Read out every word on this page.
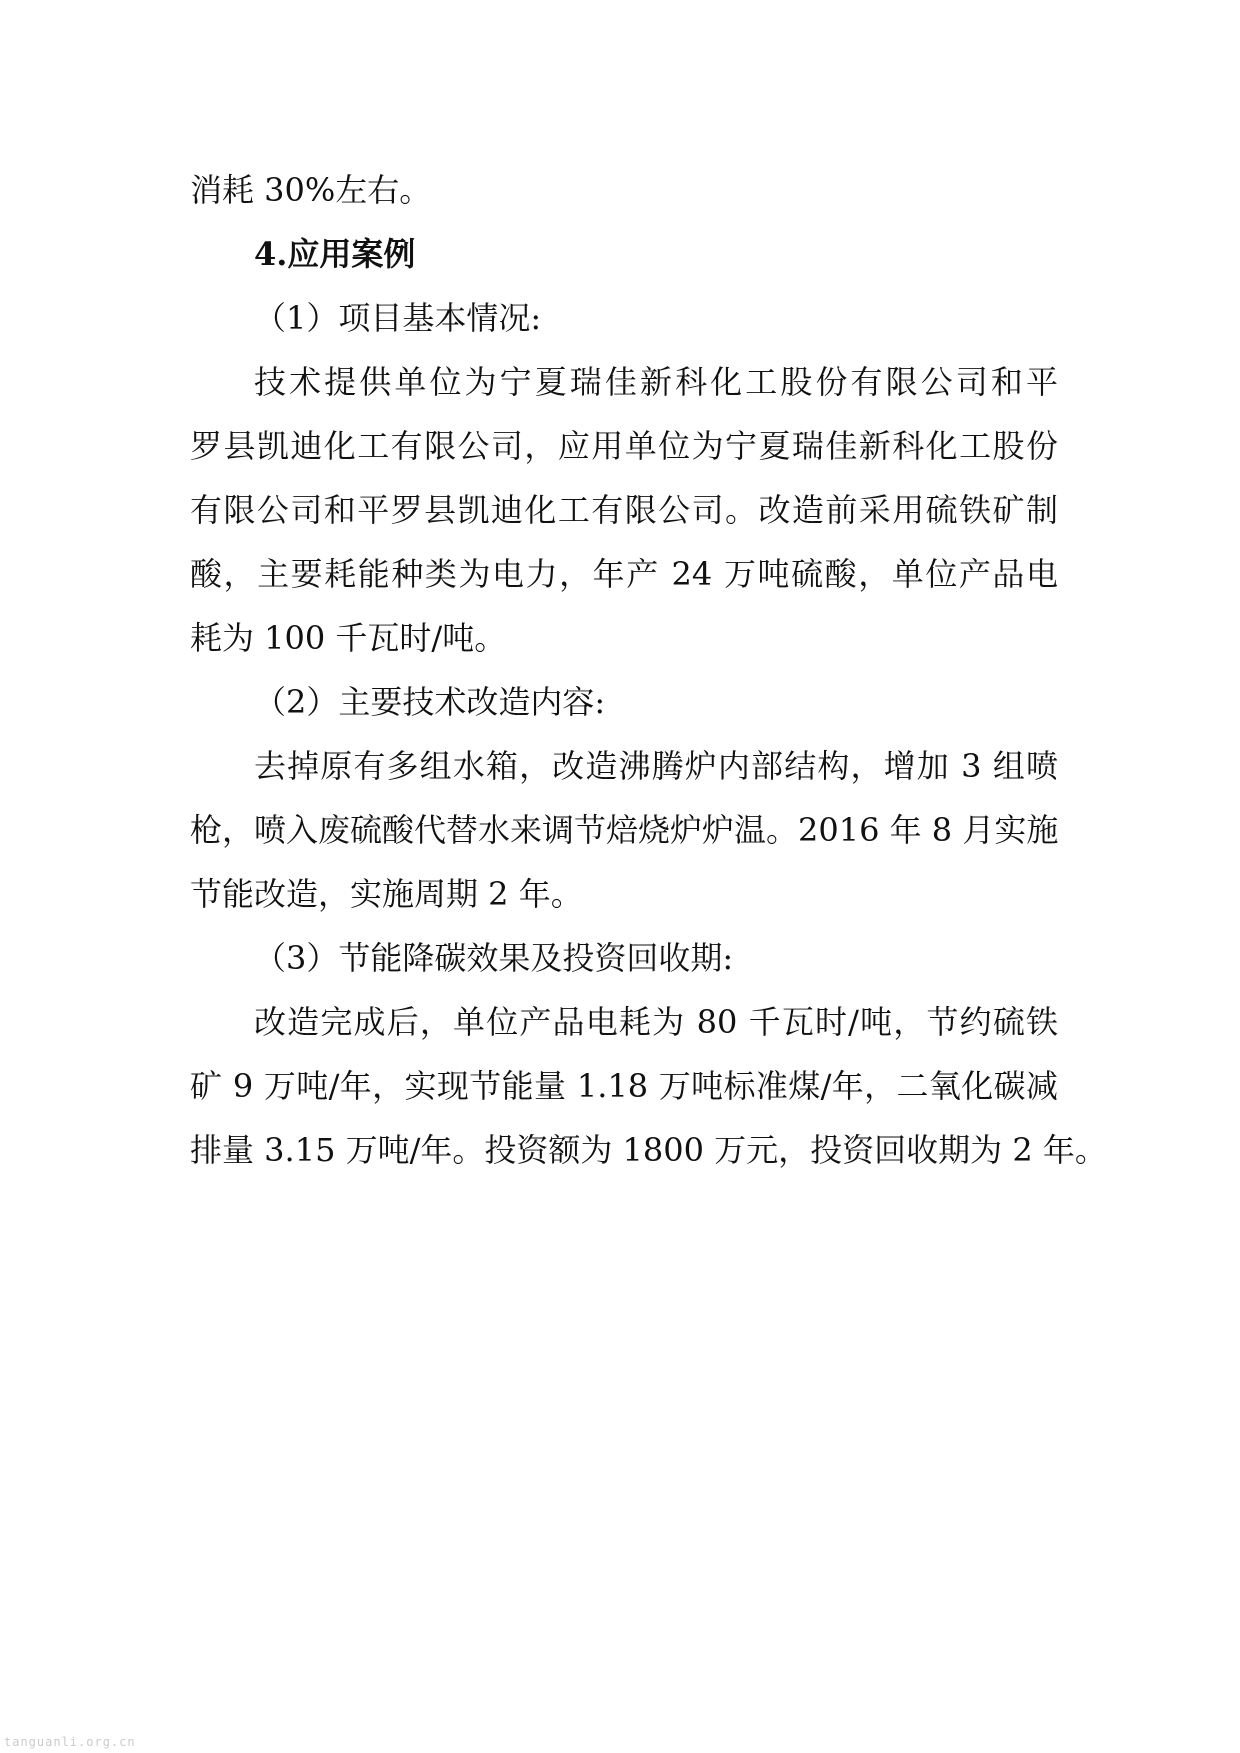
消耗 30%左右。

4.应用案例

（1）项目基本情况:

技术提供单位为宁夏瑞佳新科化工股份有限公司和平

罗县凯迪化工有限公司，应用单位为宁夏瑞佳新科化工股份

有限公司和平罗县凯迪化工有限公司。改造前采用硫铁矿制

酸，主要耗能种类为电力，年产 24 万吨硫酸，单位产品电

耗为 100 千瓦时/吨。

（2）主要技术改造内容:

去掉原有多组水箱，改造沸腾炉内部结构，增加 3 组喷

枪，喷入废硫酸代替水来调节焙烧炉炉温。2016 年 8 月实施

节能改造，实施周期 2 年。

（3）节能降碳效果及投资回收期:

改造完成后，单位产品电耗为 80 千瓦时/吨，节约硫铁

矿 9 万吨/年，实现节能量 1.18 万吨标准煤/年，二氧化碳减

排量 3.15 万吨/年。投资额为 1800 万元，投资回收期为 2 年。

tanguanli.org.cn
